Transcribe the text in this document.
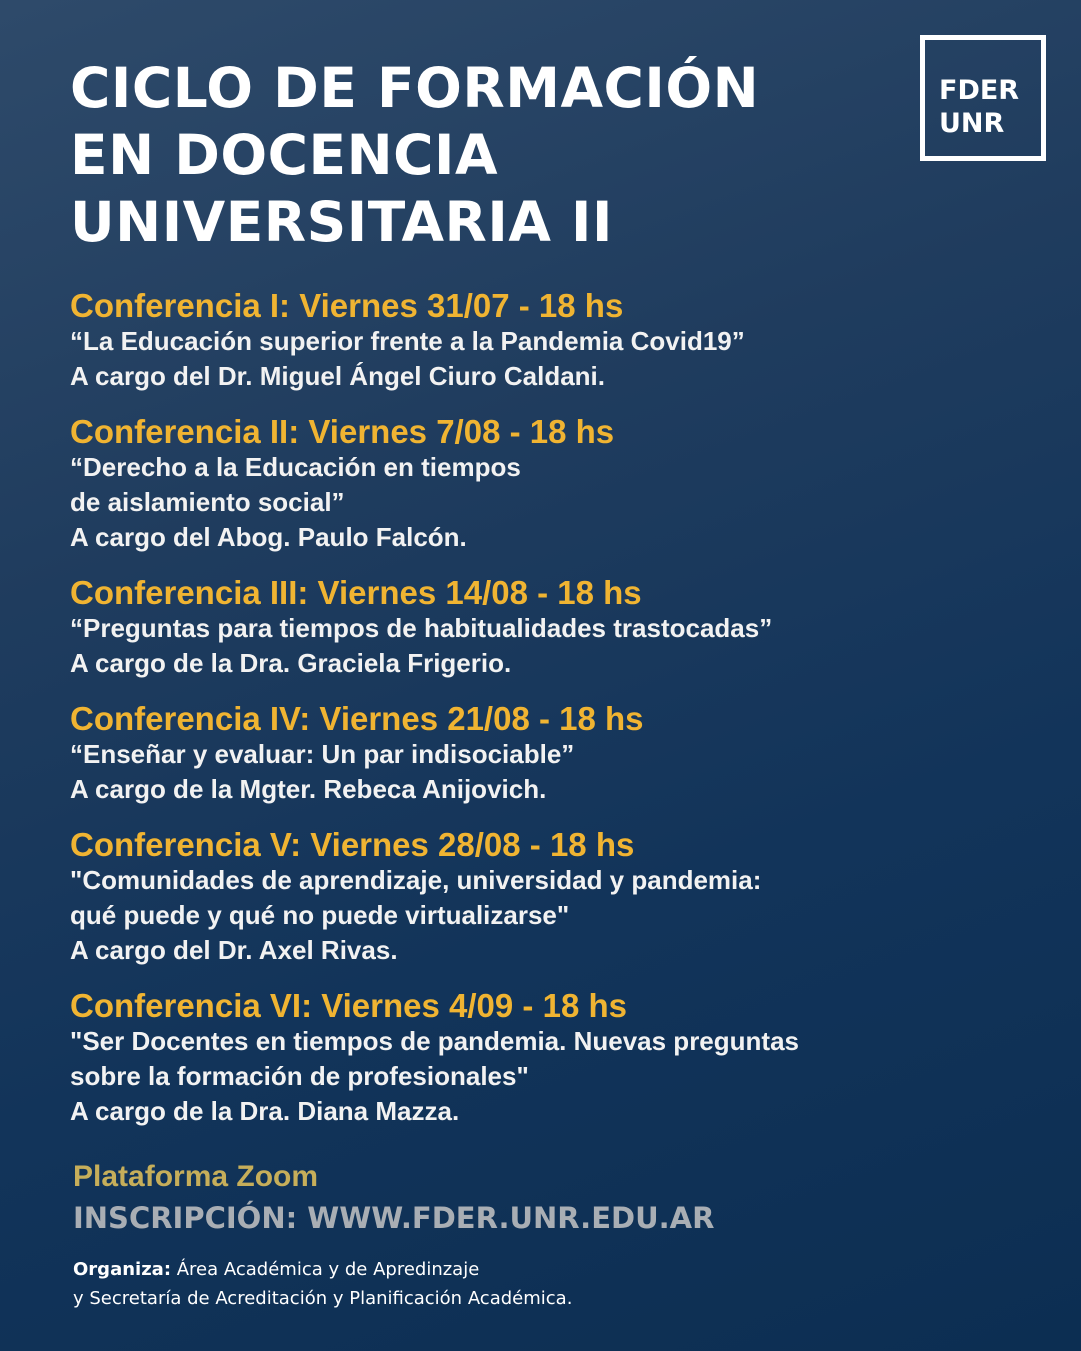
CICLO DE FORMACIÓN
EN DOCENCIA
UNIVERSITARIA II
FDER
UNR
Conferencia I: Viernes 31/07 - 18 hs
“La Educación superior frente a la Pandemia Covid19”
A cargo del Dr. Miguel Ángel Ciuro Caldani.
Conferencia II: Viernes 7/08 - 18 hs
“Derecho a la Educación en tiempos
de aislamiento social”
A cargo del Abog. Paulo Falcón.
Conferencia III: Viernes 14/08 - 18 hs
“Preguntas para tiempos de habitualidades trastocadas”
A cargo de la Dra. Graciela Frigerio.
Conferencia IV: Viernes 21/08 - 18 hs
“Enseñar y evaluar: Un par indisociable”
A cargo de la Mgter. Rebeca Anijovich.
Conferencia V: Viernes 28/08 - 18 hs
"Comunidades de aprendizaje, universidad y pandemia:
qué puede y qué no puede virtualizarse"
A cargo del Dr. Axel Rivas.
Conferencia VI: Viernes 4/09 - 18 hs
"Ser Docentes en tiempos de pandemia. Nuevas preguntas
sobre la formación de profesionales"
A cargo de la Dra. Diana Mazza.
Plataforma Zoom
INSCRIPCIÓN: WWW.FDER.UNR.EDU.AR
Organiza: Área Académica y de Apredinzaje
y Secretaría de Acreditación y Planificación Académica.
